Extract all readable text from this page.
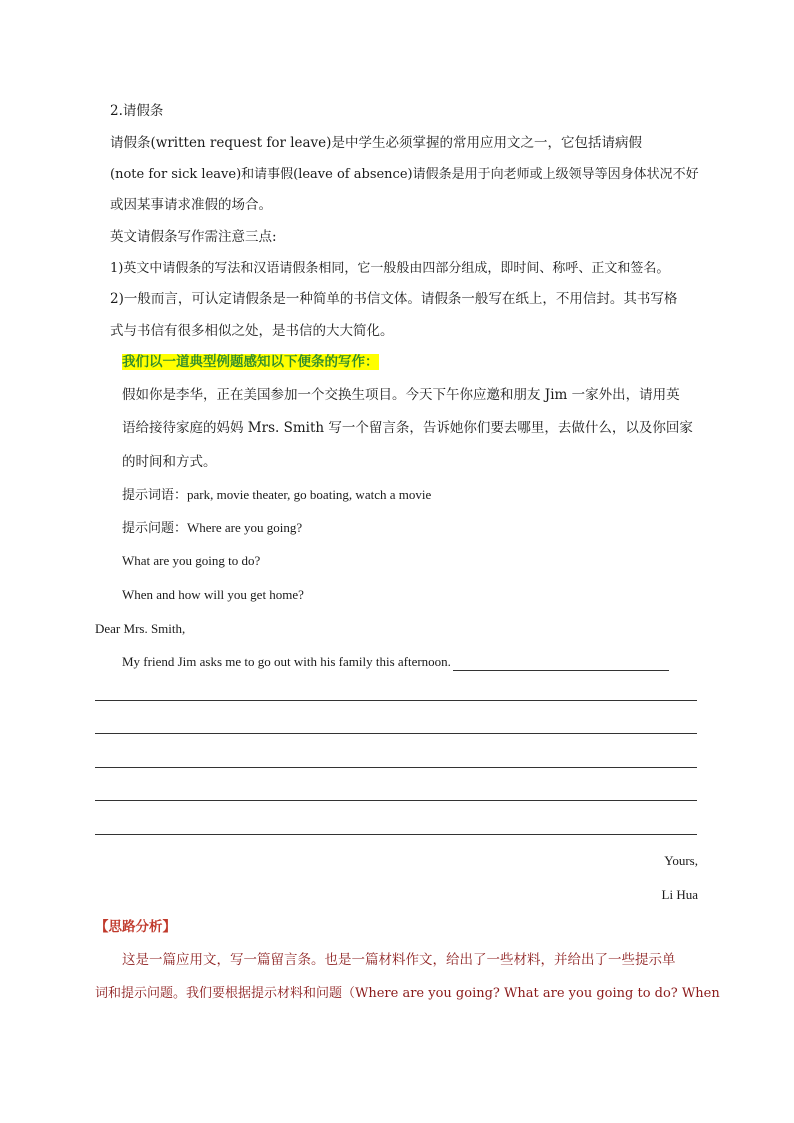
2.请假条
请假条(written request for leave)是中学生必须掌握的常用应用文之一，它包括请病假
(note for sick leave)和请事假(leave of absence)请假条是用于向老师或上级领导等因身体状况不好
或因某事请求准假的场合。
英文请假条写作需注意三点:
1)英文中请假条的写法和汉语请假条相同，它一般般由四部分组成，即时间、称呼、正文和签名。
2)一般而言，可认定请假条是一种简单的书信文体。请假条一般写在纸上，不用信封。其书写格
式与书信有很多相似之处，是书信的大大简化。
我们以一道典型例题感知以下便条的写作：
假如你是李华，正在美国参加一个交换生项目。今天下午你应邀和朋友 Jim 一家外出，请用英
语给接待家庭的妈妈 Mrs. Smith 写一个留言条，告诉她你们要去哪里，去做什么，以及你回家
的时间和方式。
提示词语：park, movie theater, go boating, watch a movie
提示问题：Where are you going?
What are you going to do?
When and how will you get home?
Dear Mrs. Smith,
My friend Jim asks me to go out with his family this afternoon.
Yours,
Li Hua
【思路分析】
这是一篇应用文，写一篇留言条。也是一篇材料作文，给出了一些材料，并给出了一些提示单
词和提示问题。我们要根据提示材料和问题（Where are you going? What are you going to do? When
